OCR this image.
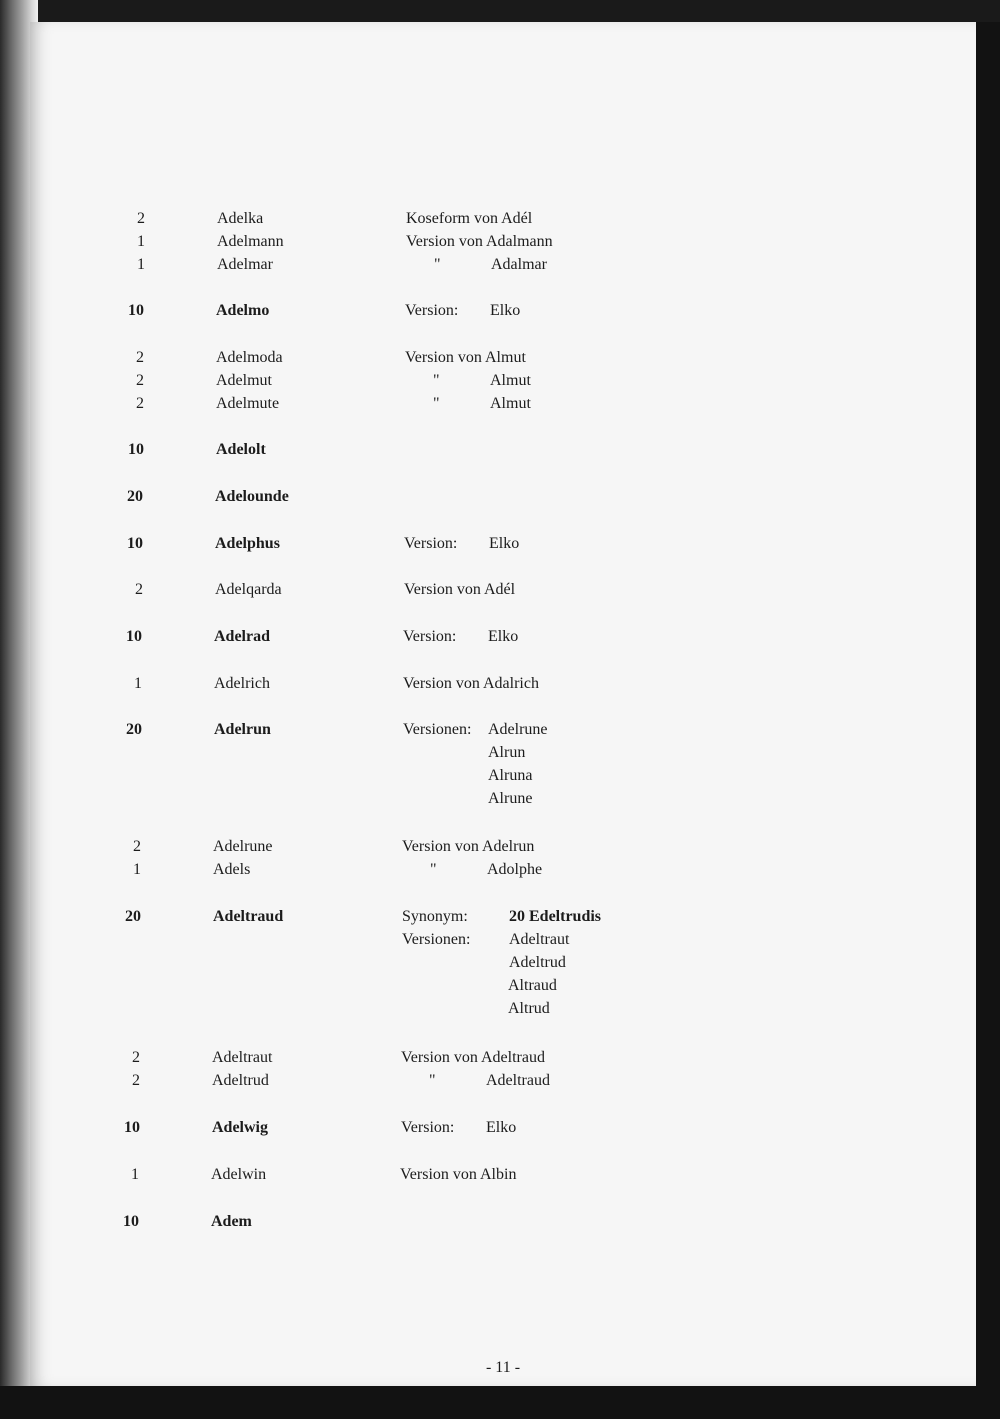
2	Adelka	Koseform von Adél
1	Adelmann	Version von Adalmann
1	Adelmar	"	Adalmar
10	Adelmo	Version: Elko
2	Adelmoda	Version von Almut
2	Adelmut	"	Almut
2	Adelmute	"	Almut
10	Adelolt
20	Adelounde
10	Adelphus	Version: Elko
2	Adelqarda	Version von Adél
10	Adelrad	Version: Elko
1	Adelrich	Version von Adalrich
20	Adelrun	Versionen: Adelrune
Alrun
Alruna
Alrune
2	Adelrune	Version von Adelrun
1	Adels	"	Adolphe
20	Adeltraud	Synonym:	20 Edeltrudis
Versionen: Adeltraut
Adeltrud
Altraud
Altrud
2	Adeltraut	Version von Adeltraud
2	Adeltrud	"	Adeltraud
10	Adelwig	Version: Elko
1	Adelwin	Version von Albin
10	Adem
- 11 -
